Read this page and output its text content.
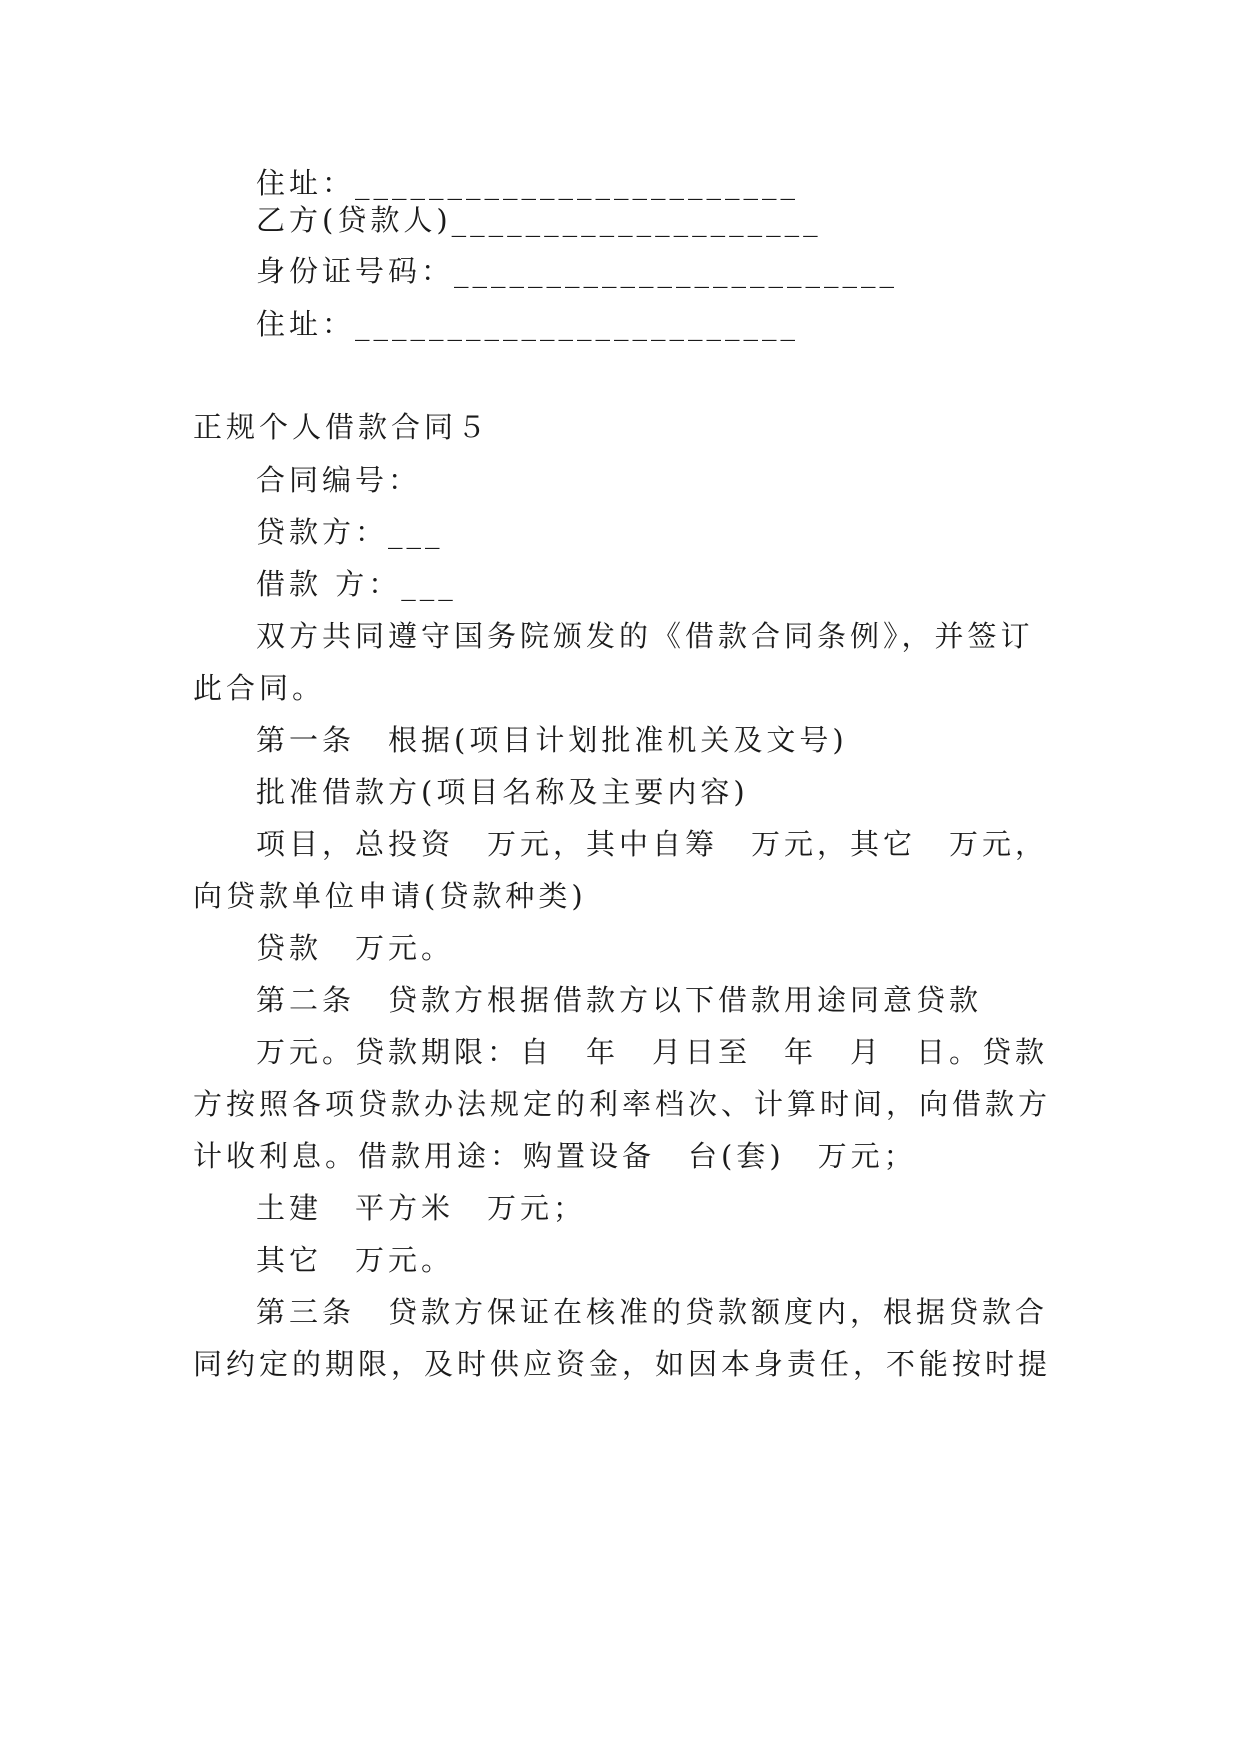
住址：________________________
乙方(贷款人)____________________
身份证号码：________________________
住址：________________________
正规个人借款合同５
合同编号：
贷款方：___
借款 方：___
双方共同遵守国务院颁发的《借款合同条例》，并签订
此合同。
第一条　根据(项目计划批准机关及文号)
批准借款方(项目名称及主要内容)
项目，总投资　万元，其中自筹　万元，其它　万元，
向贷款单位申请(贷款种类)
贷款　万元。
第二条　贷款方根据借款方以下借款用途同意贷款
万元。贷款期限：自　年　月日至　年　月　日。贷款
方按照各项贷款办法规定的利率档次、计算时间，向借款方
计收利息。借款用途：购置设备　台(套)　万元；
土建　平方米　万元；
其它　万元。
第三条　贷款方保证在核准的贷款额度内，根据贷款合
同约定的期限，及时供应资金，如因本身责任，不能按时提
